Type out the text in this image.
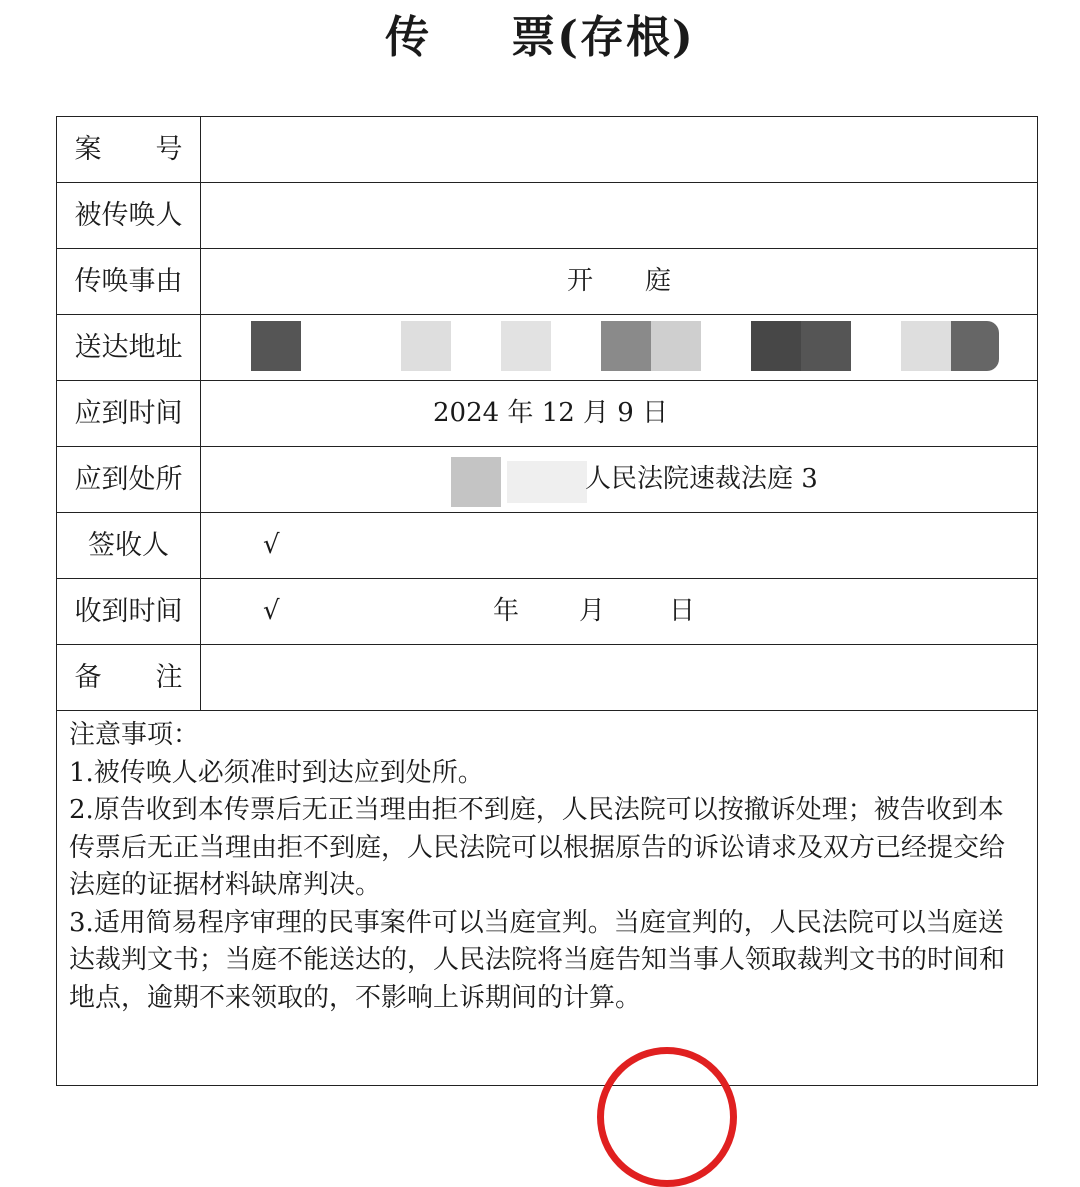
传 票(存根)
案　　号
被传唤人
传唤事由	开　　庭
送达地址
应到时间	2024 年 12 月 9 日
应到处所	人民法院速裁法庭 3
签收人	√
收到时间	√	年 月 日
备　　注

注意事项：

1.被传唤人必须准时到达应到处所。

2.原告收到本传票后无正当理由拒不到庭，人民法院可以按撤诉处理；被告收到本传票后无正当理由拒不到庭，人民法院可以根据原告的诉讼请求及双方已经提交给法庭的证据材料缺席判决。

3.适用简易程序审理的民事案件可以当庭宣判。当庭宣判的，人民法院可以当庭送达裁判文书；当庭不能送达的，人民法院将当庭告知当事人领取裁判文书的时间和地点，逾期不来领取的，不影响上诉期间的计算。
